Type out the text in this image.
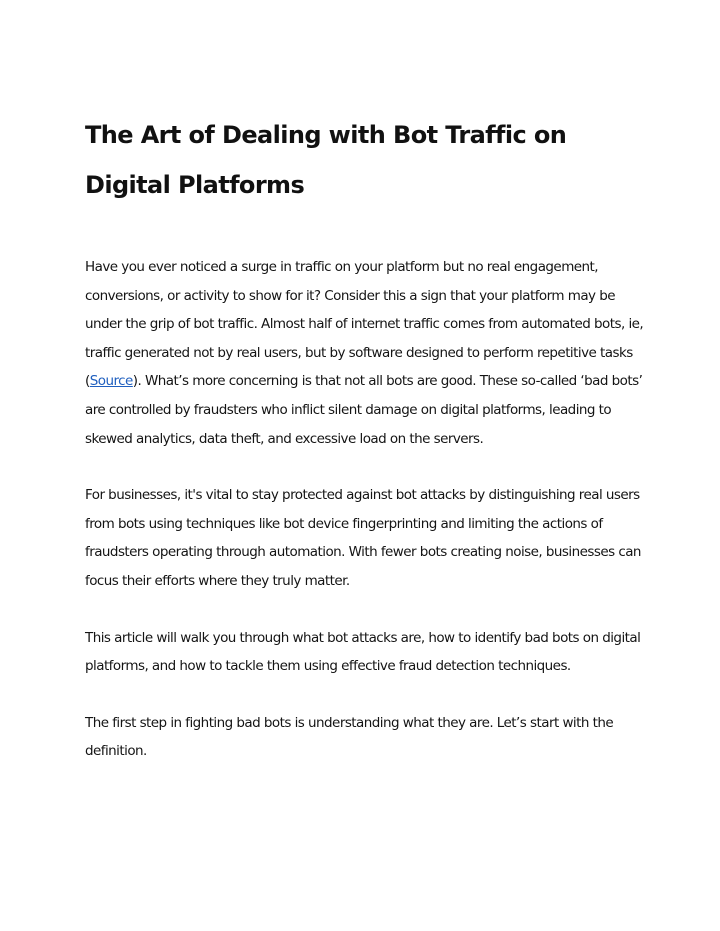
The Art of Dealing with Bot Traffic on Digital Platforms

Have you ever noticed a surge in traffic on your platform but no real engagement, conversions, or activity to show for it? Consider this a sign that your platform may be under the grip of bot traffic. Almost half of internet traffic comes from automated bots, ie, traffic generated not by real users, but by software designed to perform repetitive tasks (Source). What’s more concerning is that not all bots are good. These so-called ‘bad bots’ are controlled by fraudsters who inflict silent damage on digital platforms, leading to skewed analytics, data theft, and excessive load on the servers.

For businesses, it's vital to stay protected against bot attacks by distinguishing real users from bots using techniques like bot device fingerprinting and limiting the actions of fraudsters operating through automation. With fewer bots creating noise, businesses can focus their efforts where they truly matter.

This article will walk you through what bot attacks are, how to identify bad bots on digital platforms, and how to tackle them using effective fraud detection techniques.

The first step in fighting bad bots is understanding what they are. Let’s start with the definition.
